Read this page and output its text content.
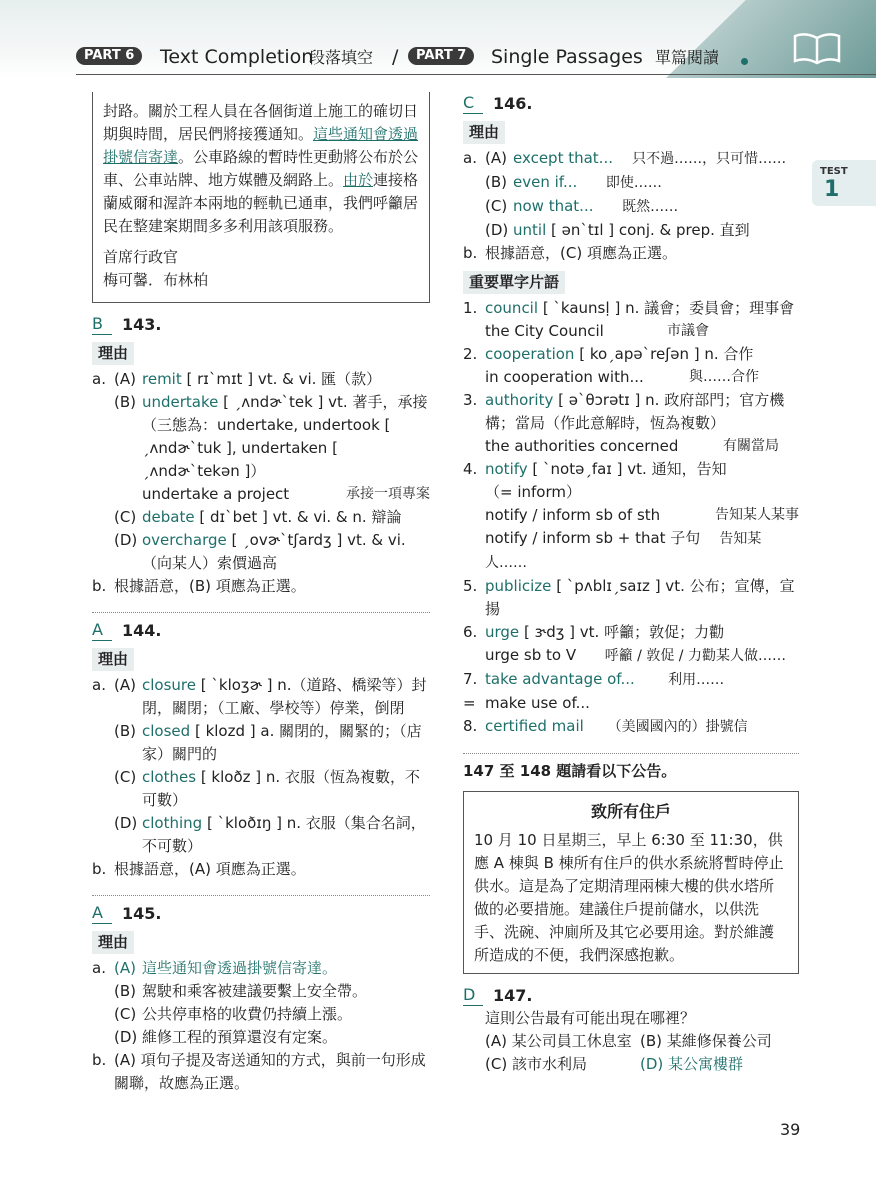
PART 6	Text Completion
段落填空 /	PART 7	Single Passages 單篇閱讀
TEST
1

封路。關於工程人員在各個街道上施工的確切日期與時間，居民們將接獲通知。這些通知會透過掛號信寄達。公車路線的暫時性更動將公布於公車、公車站牌、地方媒體及網路上。由於連接格蘭威爾和渥許本兩地的輕軌已通車，我們呼籲居民在整建案期間多多利用該項服務。

首席行政官

梅可馨．布林柏

B	143.
理由
a. (A) remit [ rɪˋmɪt ] vt. & vi. 匯（款）
(B) undertake [ ˏʌndɚˋtek ] vt. 著手，承接
（三態為：undertake, undertook [ ˏʌndɚˋtuk ], undertaken [ ˏʌndɚˋtekən ]）
undertake a project	承接一項專案
(C) debate [ dɪˋbet ] vt. & vi. & n. 辯論
(D) overcharge [ ˏovɚˋtʃardʒ ] vt. & vi.（向某人）索價過高
b. 根據語意，(B) 項應為正選。
A	144.
理由
a. (A) closure [ ˋkloʒɚ ] n.（道路、橋梁等）封閉，關閉；（工廠、學校等）停業，倒閉
(B) closed [ klozd ] a. 關閉的，關緊的；（店家）關門的
(C) clothes [ kloðz ] n. 衣服（恆為複數，不可數）
(D) clothing [ ˋkloðɪŋ ] n. 衣服（集合名詞，不可數）
b. 根據語意，(A) 項應為正選。
A	145.
理由
a. (A) 這些通知會透過掛號信寄達。
(B) 駕駛和乘客被建議要繫上安全帶。
(C) 公共停車格的收費仍持續上漲。
(D) 維修工程的預算還沒有定案。
b. (A) 項句子提及寄送通知的方式，與前一句形成關聯，故應為正選。
C	146.
理由
a. (A) except that... 只不過……，只可惜……
(B) even if... 即使……
(C) now that... 既然……
(D) until [ ənˋtɪl ] conj. & prep. 直到
b. 根據語意，(C) 項應為正選。
重要單字片語
1. council [ ˋkaunsḷ ] n. 議會；委員會；理事會
the City Council	市議會
2. cooperation [ koˏapəˋreʃən ] n. 合作
in cooperation with...	與……合作
3. authority [ əˋθɔrətɪ ] n. 政府部門；官方機構；當局（作此意解時，恆為複數）
the authorities concerned	有關當局
4. notify [ ˋnotəˏfaɪ ] vt. 通知，告知
（= inform）
notify / inform sb of sth	告知某人某事
notify / inform sb + that 子句 告知某人……
5. publicize [ ˋpʌblɪˏsaɪz ] vt. 公布；宣傳，宣揚
6. urge [ ɝdʒ ] vt. 呼籲；敦促；力勸
urge sb to V 呼籲 / 敦促 / 力勸某人做……
7. take advantage of... 利用……
= make use of...
8. certified mail （美國國內的）掛號信
147 至 148 題請看以下公告。
致所有住戶
10 月 10 日星期三，早上 6:30 至 11:30，供應 A 棟與 B 棟所有住戶的供水系統將暫時停止供水。這是為了定期清理兩棟大樓的供水塔所做的必要措施。建議住戶提前儲水，以供洗手、洗碗、沖廁所及其它必要用途。對於維護所造成的不便，我們深感抱歉。
D	147.
這則公告最有可能出現在哪裡？
(A) 某公司員工休息室 (B) 某維修保養公司
(C) 該市水利局	(D) 某公寓樓群
39
